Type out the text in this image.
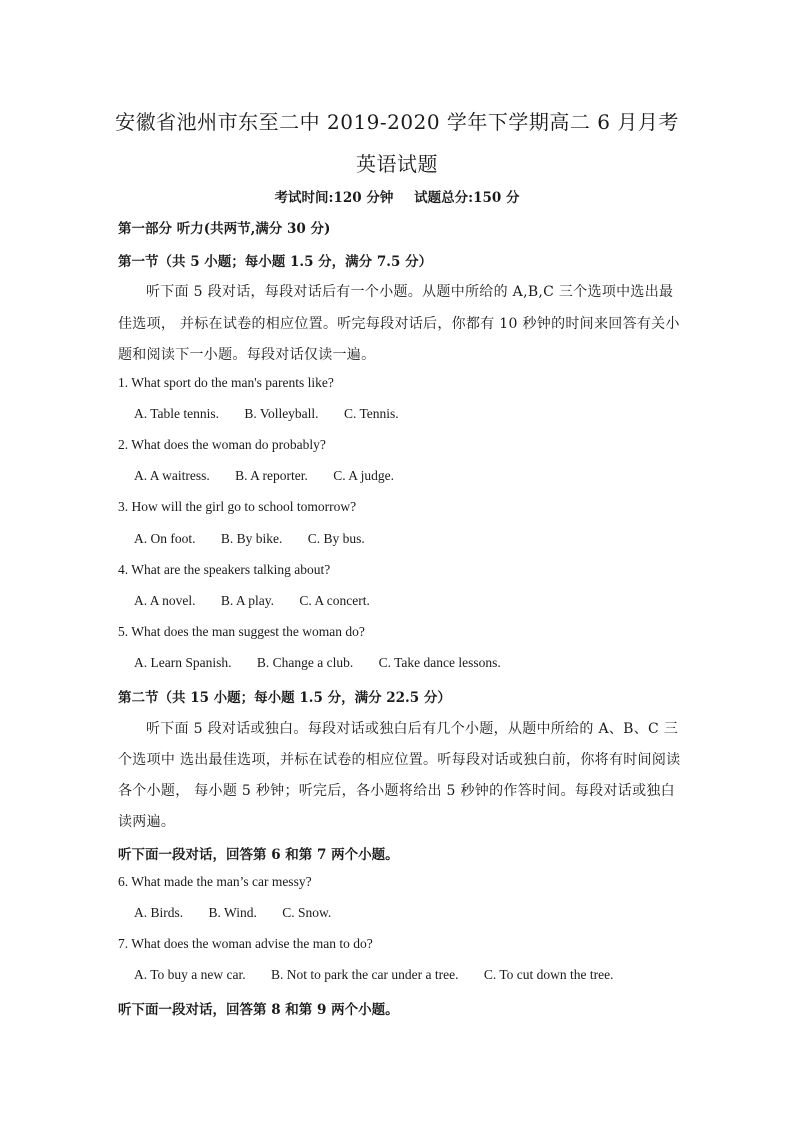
安徽省池州市东至二中 2019-2020 学年下学期高二 6 月月考
英语试题
考试时间:120 分钟 试题总分:150 分
第一部分 听力(共两节,满分 30 分)
第一节（共 5 小题；每小题 1.5 分，满分 7.5 分）
听下面 5 段对话，每段对话后有一个小题。从题中所给的 A,B,C 三个选项中选出最
佳选项， 并标在试卷的相应位置。听完每段对话后，你都有 10 秒钟的时间来回答有关小
题和阅读下一小题。每段对话仅读一遍。
1. What sport do the man's parents like?
A. Table tennis. B. Volleyball. C. Tennis.
2. What does the woman do probably?
A. A waitress. B. A reporter. C. A judge.
3. How will the girl go to school tomorrow?
A. On foot. B. By bike. C. By bus.
4. What are the speakers talking about?
A. A novel. B. A play. C. A concert.
5. What does the man suggest the woman do?
A. Learn Spanish. B. Change a club. C. Take dance lessons.
第二节（共 15 小题；每小题 1.5 分，满分 22.5 分）
听下面 5 段对话或独白。每段对话或独白后有几个小题，从题中所给的 A、B、C 三
个选项中 选出最佳选项，并标在试卷的相应位置。听每段对话或独白前，你将有时间阅读
各个小题， 每小题 5 秒钟；听完后，各小题将给出 5 秒钟的作答时间。每段对话或独白
读两遍。
听下面一段对话，回答第 6 和第 7 两个小题。
6. What made the man’s car messy?
A. Birds. B. Wind. C. Snow.
7. What does the woman advise the man to do?
A. To buy a new car. B. Not to park the car under a tree. C. To cut down the tree.
听下面一段对话，回答第 8 和第 9 两个小题。
